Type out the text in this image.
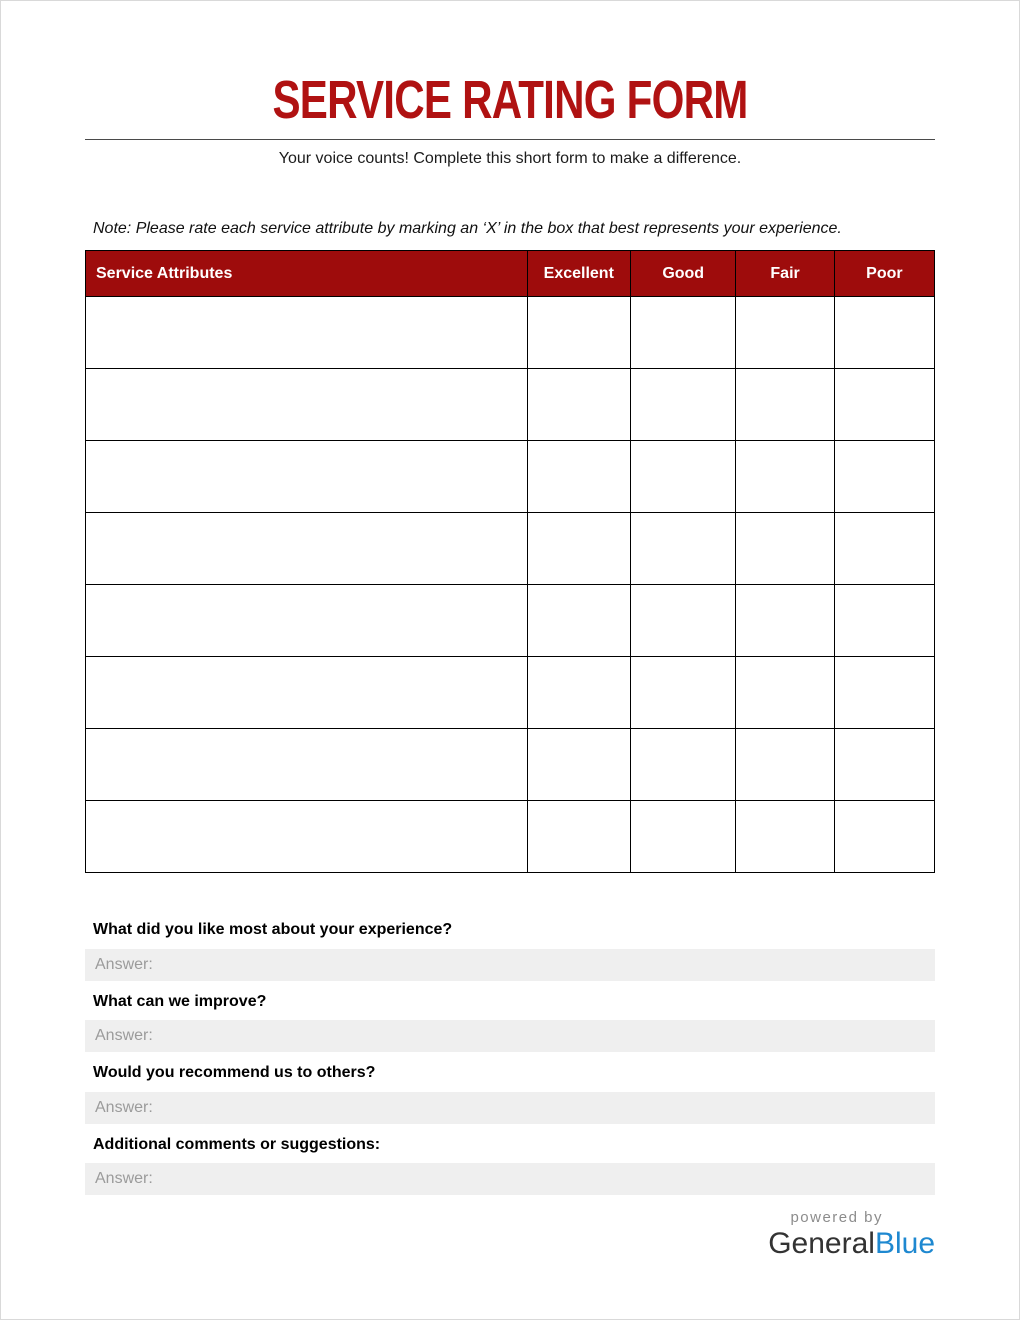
SERVICE RATING FORM
Your voice counts! Complete this short form to make a difference.
Note: Please rate each service attribute by marking an ‘X’ in the box that best represents your experience.
Service Attributes	Excellent	Good	Fair	Poor

What did you like most about your experience?

Answer:

What can we improve?

Answer:

Would you recommend us to others?

Answer:

Additional comments or suggestions:

Answer:
powered by
GeneralBlue
